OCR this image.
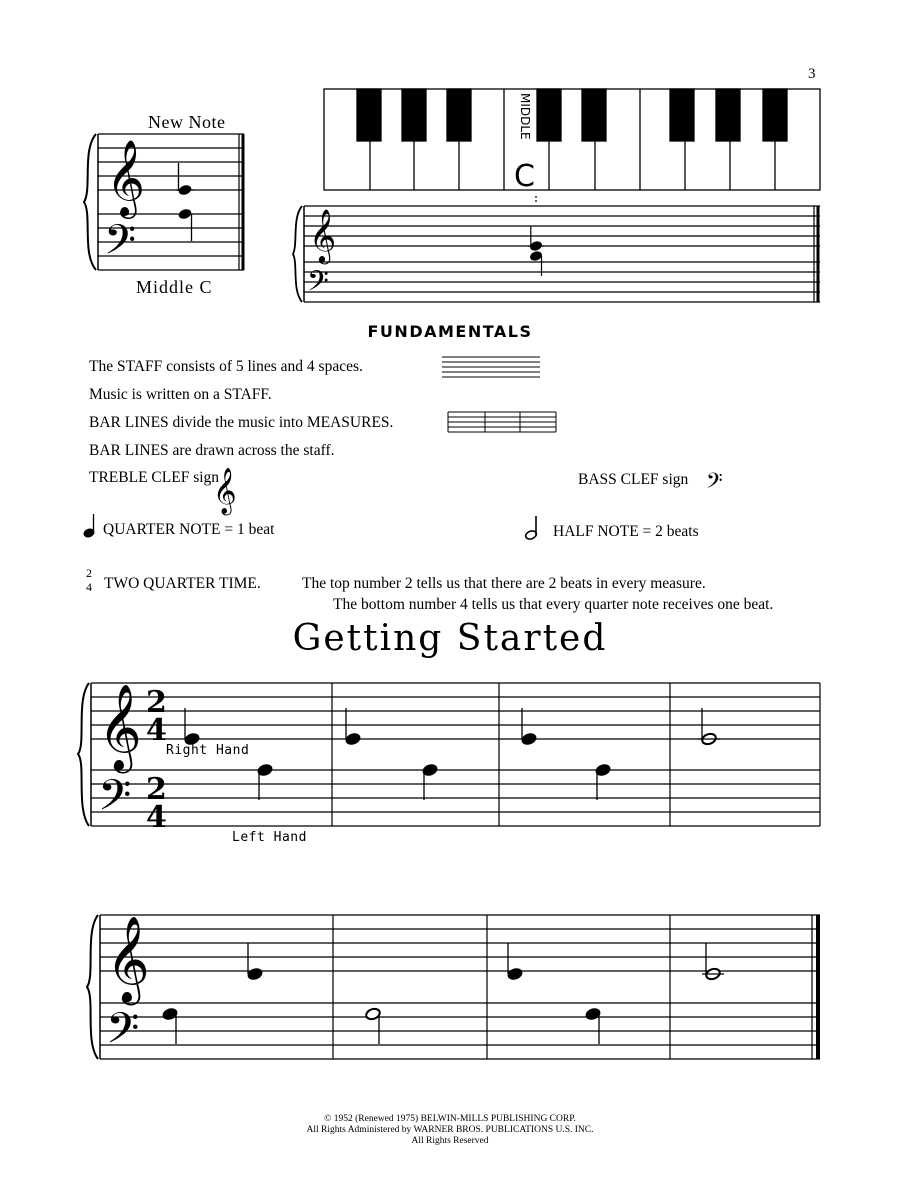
3
New Note
Middle C
𝄞
𝄢
MIDDLE
C
𝄞
𝄢
𝄞	𝄢
𝄞
𝄢
2
4
2
4
𝄞
𝄢
FUNDAMENTALS
The STAFF consists of 5 lines and 4 spaces.
Music is written on a STAFF.
BAR LINES divide the music into MEASURES.
BAR LINES are drawn across the staff.
TREBLE CLEF sign	BASS CLEF sign
QUARTER NOTE = 1 beat	HALF NOTE = 2 beats
2
4 TWO QUARTER TIME.	The top number 2 tells us that there are 2 beats in every measure.
The bottom number 4 tells us that every quarter note receives one beat.
Getting Started
Right Hand
Left Hand
© 1952 (Renewed 1975) BELWIN-MILLS PUBLISHING CORP.
All Rights Administered by WARNER BROS. PUBLICATIONS U.S. INC.
All Rights Reserved
